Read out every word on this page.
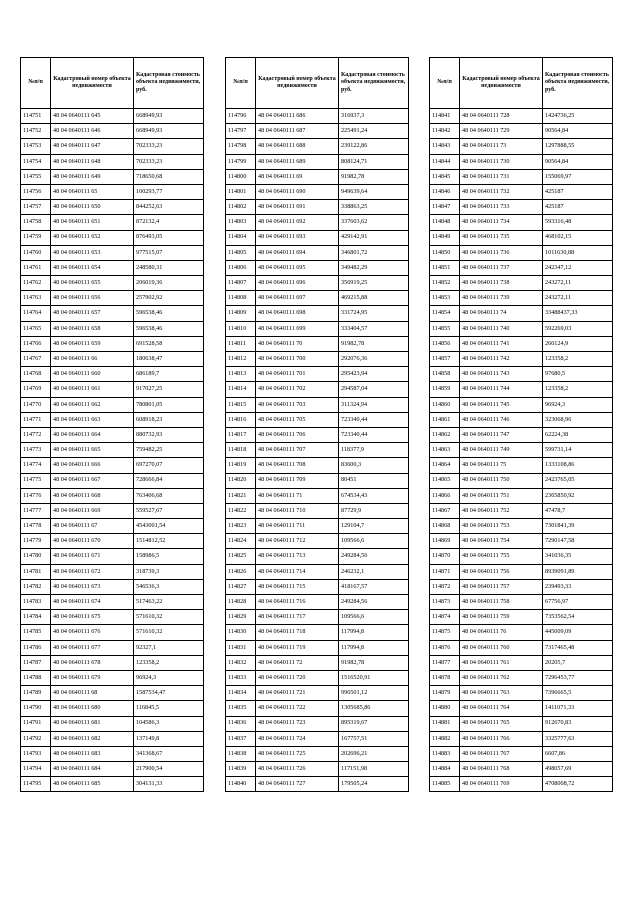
№п/п	Кадастровый номер объекта недвижимости	Кадастровая стоимость объекта недвижимости, руб.
114751	48 04 0640111 645	668949,93
114752	48 04 0640111 646	668949,93
114753	48 04 0640111 647	702333,23
114754	48 04 0640111 648	702333,23
114755	48 04 0640111 649	718650,68
114756	48 04 0640111 65	100293,77
114757	48 04 0640111 650	844252,63
114758	48 04 0640111 651	872132,4
114759	48 04 0640111 652	876493,05
114760	48 04 0640111 653	977515,07
114761	48 04 0640111 654	248580,31
114762	48 04 0640111 655	206019,36
114763	48 04 0640111 656	257902,92
114764	48 04 0640111 657	596538,46
114765	48 04 0640111 658	596538,46
114766	48 04 0640111 659	691528,58
114767	48 04 0640111 66	180638,47
114768	48 04 0640111 660	686189,7
114769	48 04 0640111 661	917027,25
114770	48 04 0640111 662	780801,05
114771	48 04 0640111 663	608918,23
114772	48 04 0640111 664	880732,93
114773	48 04 0640111 665	759482,25
114774	48 04 0640111 666	697270,07
114775	48 04 0640111 667	728666,84
114776	48 04 0640111 668	763406,68
114777	48 04 0640111 669	559527,67
114778	48 04 0640111 67	4543001,54
114779	48 04 0640111 670	1514812,52
114780	48 04 0640111 671	158986,5
114781	48 04 0640111 672	318739,3
114782	48 04 0640111 673	546536,3
114783	48 04 0640111 674	517463,22
114784	48 04 0640111 675	571610,32
114785	48 04 0640111 676	571610,32
114786	48 04 0640111 677	92327,1
114787	48 04 0640111 678	123358,2
114788	48 04 0640111 679	96924,3
114789	48 04 0640111 68	1587534,47
114790	48 04 0640111 680	116845,5
114791	48 04 0640111 681	104586,3
114792	48 04 0640111 682	137149,8
114793	48 04 0640111 683	341368,67
114794	48 04 0640111 684	217900,54
114795	48 04 0640111 685	304131,33
№п/п	Кадастровый номер объекта недвижимости	Кадастровая стоимость объекта недвижимости, руб.
114796	48 04 0640111 686	316937,3
114797	48 04 0640111 687	225491,24
114798	48 04 0640111 688	239122,86
114799	48 04 0640111 689	808124,71
114800	48 04 0640111 69	91982,78
114801	48 04 0640111 690	949639,64
114802	48 04 0640111 691	338863,25
114803	48 04 0640111 692	337603,62
114804	48 04 0640111 693	429142,91
114805	48 04 0640111 694	346801,72
114806	48 04 0640111 695	349482,29
114807	48 04 0640111 696	356919,25
114808	48 04 0640111 697	469215,88
114809	48 04 0640111 698	331724,95
114810	48 04 0640111 699	333404,57
114811	48 04 0640111 70	91982,78
114812	48 04 0640111 700	292076,36
114813	48 04 0640111 701	295423,94
114814	48 04 0640111 702	294587,04
114815	48 04 0640111 703	311324,94
114816	48 04 0640111 705	723340,44
114817	48 04 0640111 706	723340,44
114818	48 04 0640111 707	118377,9
114819	48 04 0640111 708	83600,3
114820	48 04 0640111 709	80451
114821	48 04 0640111 71	674534,43
114822	48 04 0640111 710	87729,9
114823	48 04 0640111 711	129104,7
114824	48 04 0640111 712	109566,6
114825	48 04 0640111 713	249284,56
114826	48 04 0640111 714	246232,1
114827	48 04 0640111 715	418167,57
114828	48 04 0640111 716	249284,56
114829	48 04 0640111 717	109566,6
114830	48 04 0640111 718	117994,8
114831	48 04 0640111 719	117994,8
114832	48 04 0640111 72	91982,78
114833	48 04 0640111 720	1516520,91
114834	48 04 0640111 721	996501,12
114835	48 04 0640111 722	1305685,86
114836	48 04 0640111 723	895319,67
114837	48 04 0640111 724	167757,51
114838	48 04 0640111 725	202696,21
114839	48 04 0640111 726	117151,98
114840	48 04 0640111 727	179505,24
№п/п	Кадастровый номер объекта недвижимости	Кадастровая стоимость объекта недвижимости, руб.
114841	48 04 0640111 728	1424736,25
114842	48 04 0640111 729	90564,84
114843	48 04 0640111 73	1297888,55
114844	48 04 0640111 730	90564,84
114845	48 04 0640111 731	155069,97
114846	48 04 0640111 732	425187
114847	48 04 0640111 733	425187
114848	48 04 0640111 734	593316,48
114849	48 04 0640111 735	468102,15
114850	48 04 0640111 736	1011630,88
114851	48 04 0640111 737	242347,12
114852	48 04 0640111 738	243272,11
114853	48 04 0640111 739	243272,11
114854	48 04 0640111 74	33488437,33
114855	48 04 0640111 740	592269,03
114856	48 04 0640111 741	260124,9
114857	48 04 0640111 742	123358,2
114858	48 04 0640111 743	97680,5
114859	48 04 0640111 744	123358,2
114860	48 04 0640111 745	96924,3
114861	48 04 0640111 746	323068,96
114862	48 04 0640111 747	62224,38
114863	48 04 0640111 749	599731,14
114864	48 04 0640111 75	1333108,86
114865	48 04 0640111 750	2423765,05
114866	48 04 0640111 751	2365850,92
114867	48 04 0640111 752	47478,7
114868	48 04 0640111 753	7301841,39
114869	48 04 0640111 754	7290147,58
114870	48 04 0640111 755	341036,35
114871	48 04 0640111 756	8939091,89
114872	48 04 0640111 757	239493,33
114873	48 04 0640111 758	67756,97
114874	48 04 0640111 759	7353562,54
114875	48 04 0640111 76	445009,09
114876	48 04 0640111 760	7317465,48
114877	48 04 0640111 761	20205,7
114878	48 04 0640111 762	7296453,77
114879	48 04 0640111 763	7396665,5
114880	48 04 0640111 764	1411071,33
114881	48 04 0640111 765	912670,83
114882	48 04 0640111 766	3325777,63
114883	48 04 0640111 767	6607,86
114884	48 04 0640111 768	498057,69
114885	48 04 0640111 769	4708008,72
